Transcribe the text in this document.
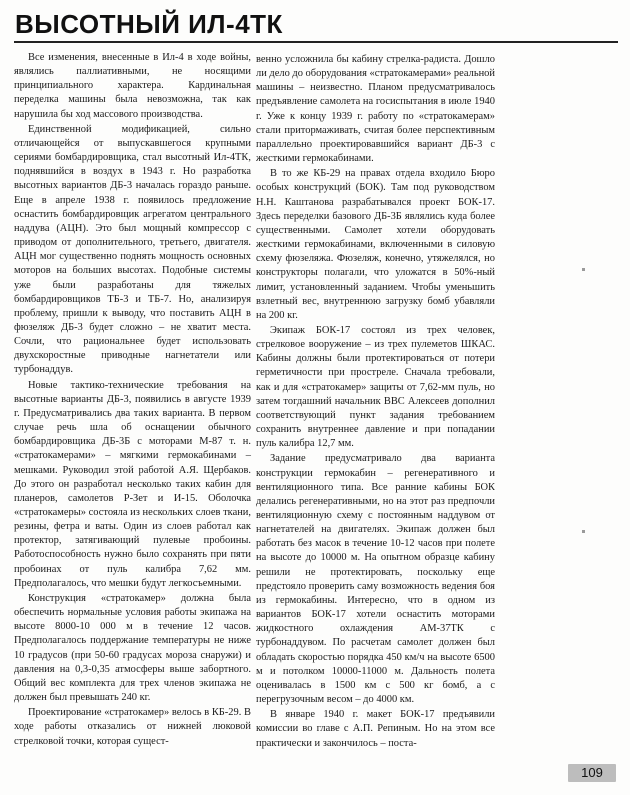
ВЫСОТНЫЙ ИЛ-4ТК

Все изменения, внесенные в Ил-4 в ходе войны, являлись паллиативными, не носящими принципиального характера. Кардинальная переделка машины была невозможна, так как нарушила бы ход массового производства.

Единственной модификацией, сильно отличающейся от выпускавшегося крупными сериями бомбардировщика, стал высотный Ил-4ТК, поднявшийся в воздух в 1943 г. Но разработка высотных вариантов ДБ-3 началась гораздо раньше. Еще в апреле 1938 г. появилось предложение оснастить бомбардировщик агрегатом центрального наддува (АЦН). Это был мощный компрессор с приводом от дополнительного, третьего, двигателя. АЦН мог существенно поднять мощность основных моторов на больших высотах. Подобные системы уже были разработаны для тяжелых бомбардировщиков ТБ-3 и ТБ-7. Но, анализируя проблему, пришли к выводу, что поставить АЦН в фюзеляж ДБ-3 будет сложно – не хватит места. Сочли, что рациональнее будет использовать двухскоростные приводные нагнетатели или турбонаддув.

Новые тактико-технические требования на высотные варианты ДБ-3, появились в августе 1939 г. Предусматривались два таких варианта. В первом случае речь шла об оснащении обычного бомбардировщика ДБ-3Б с моторами М-87 т. н. «стратокамерами» – мягкими гермокабинами – мешками. Руководил этой работой А.Я. Щербаков. До этого он разработал несколько таких кабин для планеров, самолетов Р-Зет и И-15. Оболочка «стратокамеры» состояла из нескольких слоев ткани, резины, фетра и ваты. Один из слоев работал как протектор, затягивающий пулевые пробоины. Работоспособность нужно было сохранять при пяти пробоинах от пуль калибра 7,62 мм. Предполагалось, что мешки будут легкосъемными.

Конструкция «стратокамер» должна была обеспечить нормальные условия работы экипажа на высоте 8000-10 000 м в течение 12 часов. Предполагалось поддержание температуры не ниже 10 градусов (при 50-60 градусах мороза снаружи) и давления на 0,3-0,35 атмосферы выше забортного. Общий вес комплекта для трех членов экипажа не должен был превышать 240 кг.

Проектирование «стратокамер» велось в КБ-29. В ходе работы отказались от нижней люковой стрелковой точки, которая сущест-

венно усложнила бы кабину стрелка-радиста. Дошло ли дело до оборудования «стратокамерами» реальной машины – неизвестно. Планом предусматривалось предъявление самолета на госиспытания в июле 1940 г. Уже к концу 1939 г. работу по «стратокамерам» стали притормаживать, считая более перспективным параллельно проектировавшийся вариант ДБ-3 с жесткими гермокабинами.

В то же КБ-29 на правах отдела входило Бюро особых конструкций (БОК). Там под руководством Н.Н. Каштанова разрабатывался проект БОК-17. Здесь переделки базового ДБ-3Б являлись куда более существенными. Самолет хотели оборудовать жесткими гермокабинами, включенными в силовую схему фюзеляжа. Фюзеляж, конечно, утяжелялся, но конструкторы полагали, что уложатся в 50%-ный лимит, установленный заданием. Чтобы уменьшить взлетный вес, внутреннюю загрузку бомб убавляли на 200 кг.

Экипаж БОК-17 состоял из трех человек, стрелковое вооружение – из трех пулеметов ШКАС. Кабины должны были протектироваться от потери герметичности при прострелe. Сначала требовали, как и для «стратокамер» защиты от 7,62-мм пуль, но затем тогдашний начальник ВВС Алексеев дополнил соответствующий пункт задания требованием сохранить внутреннее давление и при попадании пуль калибра 12,7 мм.

Задание предусматривало два варианта конструкции гермокабин – регенеративного и вентиляционного типа. Все ранние кабины БОК делались регенеративными, но на этот раз предпочли вентиляционную схему с постоянным наддувом от нагнетателей на двигателях. Экипаж должен был работать без масок в течение 10-12 часов при полете на высоте до 10000 м. На опытном образце кабину решили не протектировать, поскольку еще предстояло проверить саму возможность ведения боя из гермокабины. Интересно, что в одном из вариантов БОК-17 хотели оснастить моторами жидкостного охлаждения АМ-37ТК с турбонаддувом. По расчетам самолет должен был обладать скоростью порядка 450 км/ч на высоте 6500 м и потолком 10000-11000 м. Дальность полета оценивалась в 1500 км с 500 кг бомб, а с перегрузочным весом – до 4000 км.

В январе 1940 г. макет БОК-17 предъявили комиссии во главе с А.П. Репиным. Но на этом все практически и закончилось – поста-

109
